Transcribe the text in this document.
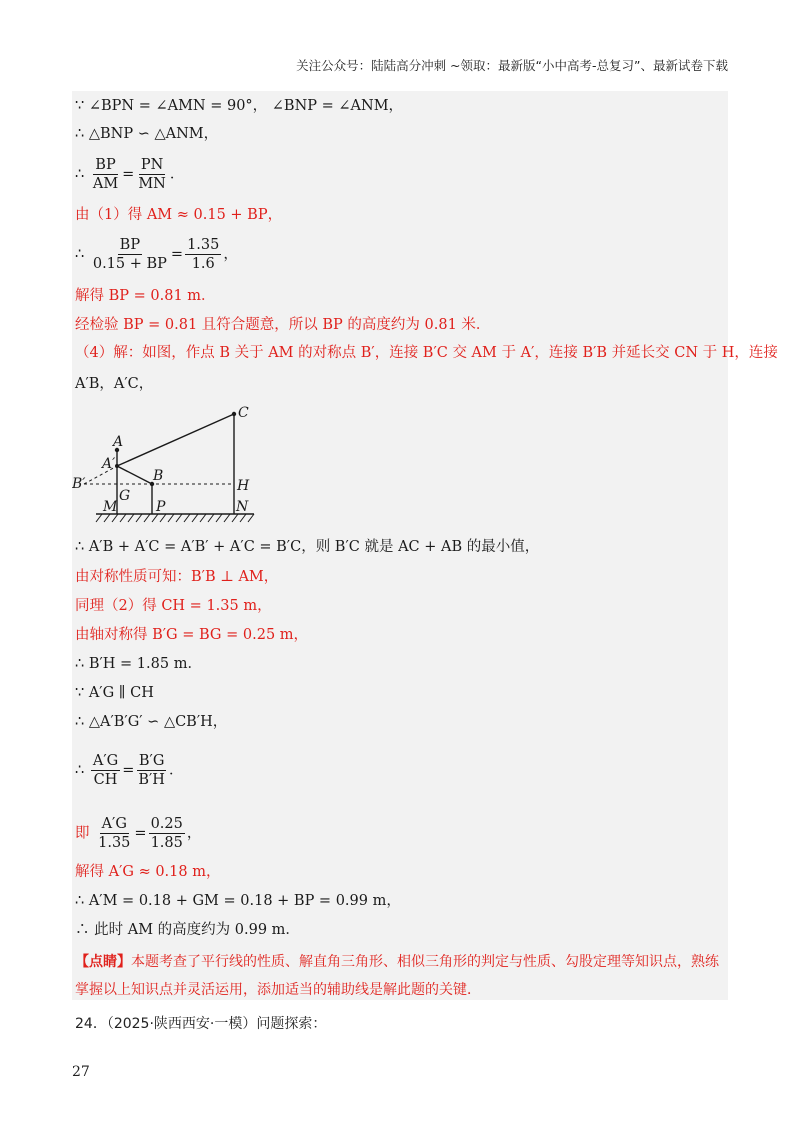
关注公众号：陆陆高分冲刺 ~领取：最新版“小中高考-总复习”、最新试卷下载
∵ ∠BPN = ∠AMN = 90°， ∠BNP = ∠ANM，
∴ △BNP ∽ △ANM，
∴ $\frac{BP}{AM} = \frac{PN}{MN}$ ．
由（1）得 AM ≈ 0.15 + BP，
∴ $\frac{BP}{0.15 + BP} = \frac{1.35}{1.6}$ ，
解得 BP = 0.81 m．
经检验 BP = 0.81 且符合题意，所以 BP 的高度约为 0.81 米．
（4）解：如图，作点 B 关于 AM 的对称点 B′，连接 B′C 交 AM 于 A′，连接 B′B 并延长交 CN 于 H，连接
A′B，A′C，
C
A
A′
B′	B
G
H
M	P	N
∴ A′B + A′C = A′B′ + A′C = B′C，则 B′C 就是 AC + AB 的最小值，
由对称性质可知：B′B ⊥ AM，
同理（2）得 CH = 1.35 m，
由轴对称得 B′G = BG = 0.25 m，
∴ B′H = 1.85 m．
∵ A′G ∥ CH
∴ △A′B′G′ ∽ △CB′H，
∴ $\frac{A'G}{CH} = \frac{B'G}{B'H}$ ．
即 $\frac{A'G}{1.35} = \frac{0.25}{1.85}$ ，
解得 A′G ≈ 0.18 m，
∴ A′M = 0.18 + GM = 0.18 + BP = 0.99 m，
∴ 此时 AM 的高度约为 0.99 m．
【点睛】本题考查了平行线的性质、解直角三角形、相似三角形的判定与性质、勾股定理等知识点，熟练掌握以上知识点并灵活运用，添加适当的辅助线是解此题的关键．
24．（2025·陕西西安·一模）问题探索：
27
